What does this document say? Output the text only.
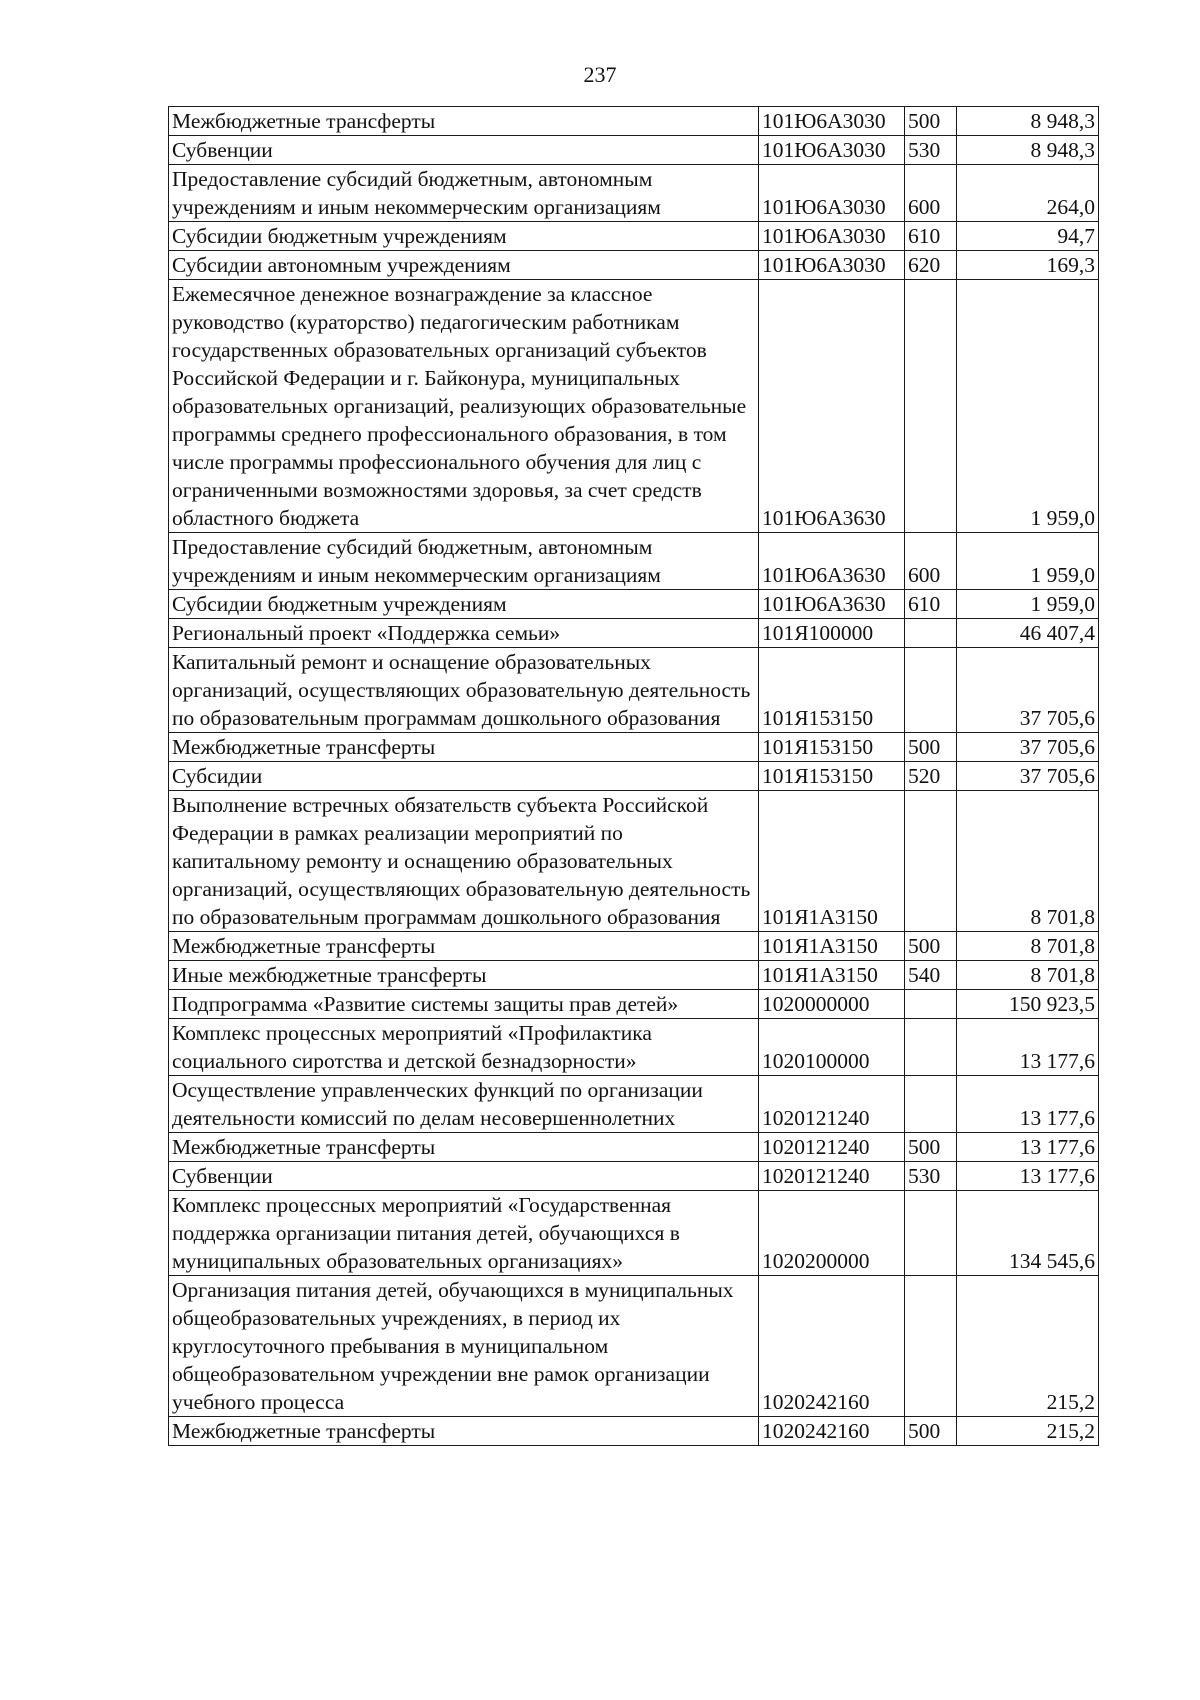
237
Межбюджетные трансферты	101Ю6А3030	500	8 948,3
Субвенции	101Ю6А3030	530	8 948,3
Предоставление субсидий бюджетным, автономным учреждениям и иным некоммерческим организациям	101Ю6А3030	600	264,0
Субсидии бюджетным учреждениям	101Ю6А3030	610	94,7
Субсидии автономным учреждениям	101Ю6А3030	620	169,3
Ежемесячное денежное вознаграждение за классное руководство (кураторство) педагогическим работникам государственных образовательных организаций субъектов Российской Федерации и г. Байконура, муниципальных образовательных организаций, реализующих образовательные программы среднего профессионального образования, в том числе программы профессионального обучения для лиц с ограниченными возможностями здоровья, за счет средств областного бюджета	101Ю6А3630		1 959,0
Предоставление субсидий бюджетным, автономным учреждениям и иным некоммерческим организациям	101Ю6А3630	600	1 959,0
Субсидии бюджетным учреждениям	101Ю6А3630	610	1 959,0
Региональный проект «Поддержка семьи»	101Я100000		46 407,4
Капитальный ремонт и оснащение образовательных организаций, осуществляющих образовательную деятельность по образовательным программам дошкольного образования	101Я153150		37 705,6
Межбюджетные трансферты	101Я153150	500	37 705,6
Субсидии	101Я153150	520	37 705,6
Выполнение встречных обязательств субъекта Российской Федерации в рамках реализации мероприятий по капитальному ремонту и оснащению образовательных организаций, осуществляющих образовательную деятельность по образовательным программам дошкольного образования	101Я1А3150		8 701,8
Межбюджетные трансферты	101Я1А3150	500	8 701,8
Иные межбюджетные трансферты	101Я1А3150	540	8 701,8
Подпрограмма «Развитие системы защиты прав детей»	1020000000		150 923,5
Комплекс процессных мероприятий «Профилактика социального сиротства и детской безнадзорности»	1020100000		13 177,6
Осуществление управленческих функций по организации деятельности комиссий по делам несовершеннолетних	1020121240		13 177,6
Межбюджетные трансферты	1020121240	500	13 177,6
Субвенции	1020121240	530	13 177,6
Комплекс процессных мероприятий «Государственная поддержка организации питания детей, обучающихся в муниципальных образовательных организациях»	1020200000		134 545,6
Организация питания детей, обучающихся в муниципальных общеобразовательных учреждениях, в период их круглосуточного пребывания в муниципальном общеобразовательном учреждении вне рамок организации учебного процесса	1020242160		215,2
Межбюджетные трансферты	1020242160	500	215,2
